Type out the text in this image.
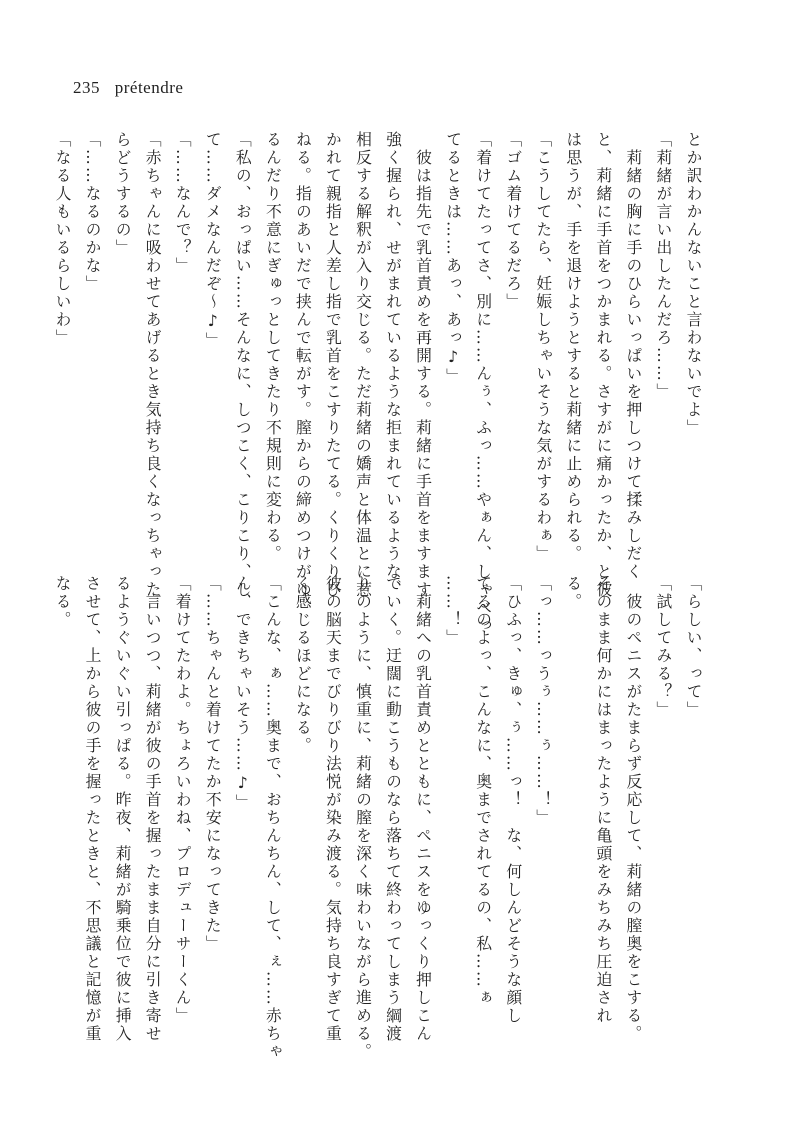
235 prétendre
とか訳わかんないこと言わないでよ」
「莉緒が言い出したんだろ……」
　莉緒の胸に手のひらいっぱいを押しつけて揉みしだく
と、莉緒に手首をつかまれる。さすがに痛かったか、と彼
は思うが、手を退けようとすると莉緒に止められる。
「こうしてたら、妊娠しちゃいそうな気がするわぁ」
「ゴム着けてるだろ」
「着けてたってさ、別に……んぅ、ふっ……やぁん、しゃべっ
てるときは……あっ、あっ♪」
　彼は指先で乳首責めを再開する。莉緒に手首をますます
強く握られ、せがまれているような拒まれているような、
相反する解釈が入り交じる。ただ莉緒の嬌声と体温とに惹
かれて親指と人差し指で乳首をこすりたてる。くりくりひ
ねる。指のあいだで挟んで転がす。膣からの締めつけがゆ
るんだり不意にぎゅっとしてきたり不規則に変わる。
「私の、おっぱい……そんなに、しつこく、こりこり、し
て……ダメなんだぞ～♪」
「……なんで？」
「赤ちゃんに吸わせてあげるとき気持ち良くなっちゃった
らどうするの」
「……なるのかな」
「なる人もいるらしいわ」
「らしい、って」
「試してみる？」
　彼のペニスがたまらず反応して、莉緒の膣奥をこする。
そのまま何かにはまったように亀頭をみちみち圧迫され
る。
「っ……っうぅ……ぅ……！」
「ひふっ、きゅ、ぅ……っ！　な、何しんどそうな顔し
てるのよっ、こんなに、奥までされてるの、私……ぁ
……！」
　莉緒への乳首責めとともに、ペニスをゆっくり押しこん
でいく。迂闊に動こうものなら落ちて終わってしまう綱渡
りのように、慎重に、莉緒の膣を深く味わいながら進める。
彼の脳天までびりびり法悦が染み渡る。気持ち良すぎて重
く感じるほどになる。
「こんな、ぁ……奥まで、おちんちん、して、ぇ……赤ちゃ
ん、できちゃいそう……♪」
「……ちゃんと着けてたか不安になってきた」
「着けてたわよ。ちょろいわね、プロデューサーくん」
　言いつつ、莉緒が彼の手首を握ったまま自分に引き寄せ
るようぐいぐい引っぱる。昨夜、莉緒が騎乗位で彼に挿入
させて、上から彼の手を握ったときと、不思議と記憶が重
なる。
